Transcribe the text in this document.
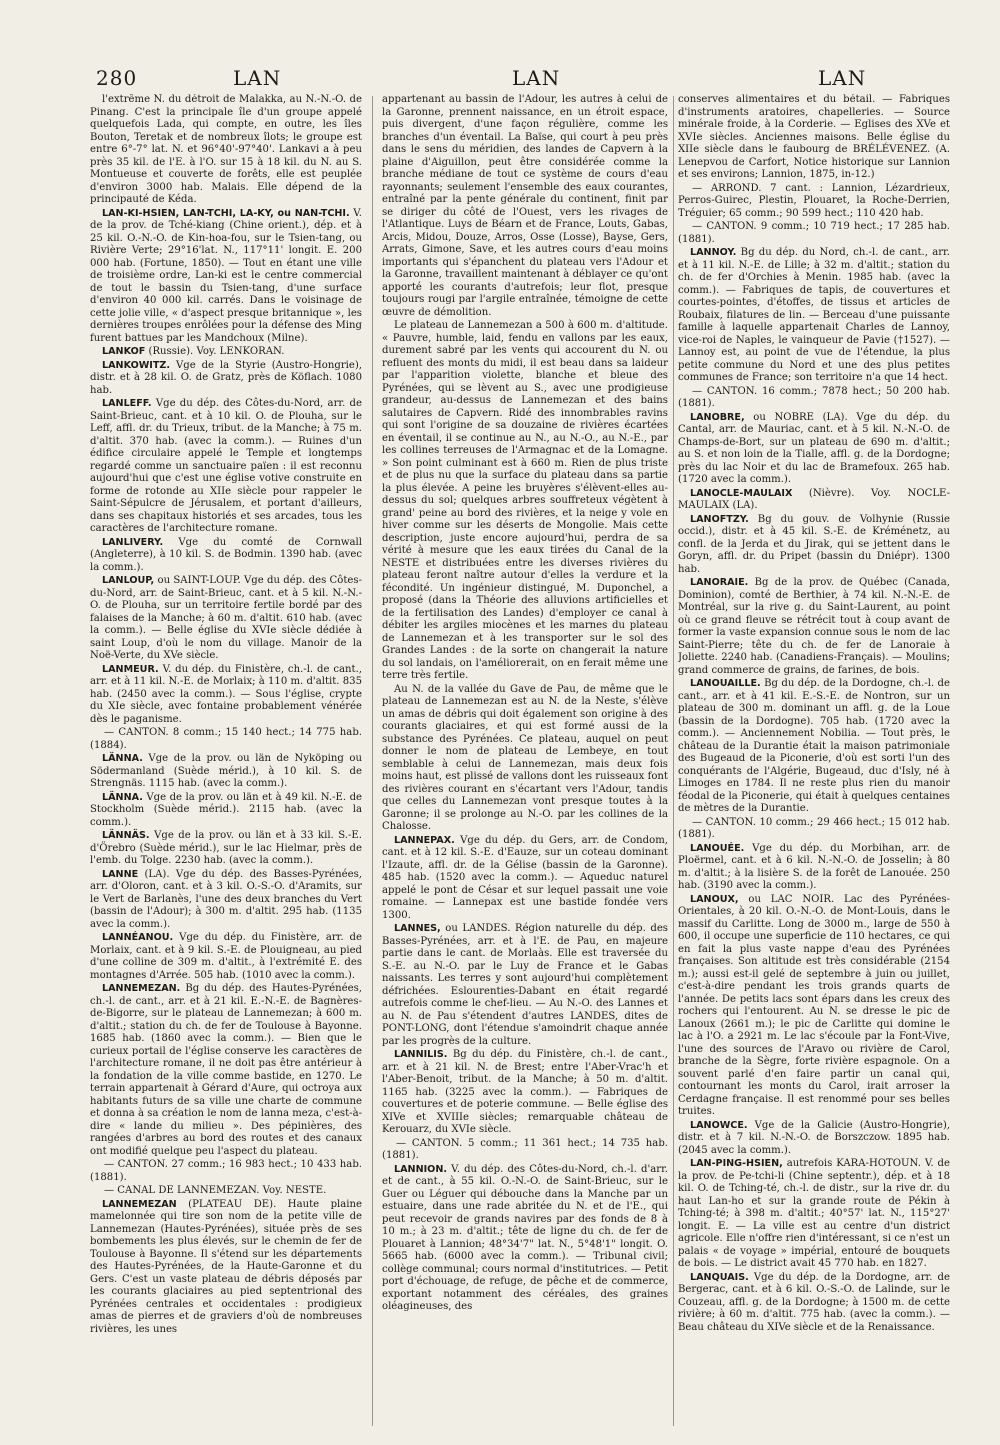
280	LAN	LAN	LAN

l'extrême N. du détroit de Malakka, au N.-N.-O. de Pinang. C'est la principale île d'un groupe appelé quelquefois Lada, qui compte, en outre, les îles Bouton, Teretak et de nombreux îlots; le groupe est entre 6°-7° lat. N. et 96°40'-97°40'. Lankavi a à peu près 35 kil. de l'E. à l'O. sur 15 à 18 kil. du N. au S. Montueuse et couverte de forêts, elle est peuplée d'environ 3000 hab. Malais. Elle dépend de la principauté de Kéda.

LAN-KI-HSIEN, LAN-TCHI, LA-KY, ou NAN-TCHI. V. de la prov. de Tché-kiang (Chine orient.), dép. et à 25 kil. O.-N.-O. de Kin-hoa-fou, sur le Tsien-tang, ou Rivière Verte; 29°16'lat. N., 117°11' longit. E. 200 000 hab. (Fortune, 1850). — Tout en étant une ville de troisième ordre, Lan-ki est le centre commercial de tout le bassin du Tsien-tang, d'une surface d'environ 40 000 kil. carrés. Dans le voisinage de cette jolie ville, « d'aspect presque britannique », les dernières troupes enrôlées pour la défense des Ming furent battues par les Mandchoux (Milne).

LANKOF (Russie). Voy. LENKORAN.

LANKOWITZ. Vge de la Styrie (Austro-Hongrie), distr. et à 28 kil. O. de Gratz, près de Köflach. 1080 hab.

LANLEFF. Vge du dép. des Côtes-du-Nord, arr. de Saint-Brieuc, cant. et à 10 kil. O. de Plouha, sur le Leff, affl. dr. du Trieux, tribut. de la Manche; à 75 m. d'altit. 370 hab. (avec la comm.). — Ruines d'un édifice circulaire appelé le Temple et longtemps regardé comme un sanctuaire païen : il est reconnu aujourd'hui que c'est une église votive construite en forme de rotonde au XIIe siècle pour rappeler le Saint-Sépulcre de Jérusalem, et portant d'ailleurs, dans ses chapitaux historiés et ses arcades, tous les caractères de l'architecture romane.

LANLIVERY. Vge du comté de Cornwall (Angleterre), à 10 kil. S. de Bodmin. 1390 hab. (avec la comm.).

LANLOUP, ou SAINT-LOUP. Vge du dép. des Côtes-du-Nord, arr. de Saint-Brieuc, cant. et à 5 kil. N.-N.-O. de Plouha, sur un territoire fertile bordé par des falaises de la Manche; à 60 m. d'altit. 610 hab. (avec la comm.). — Belle église du XVIe siècle dédiée à saint Loup, d'où le nom du village. Manoir de la Noë-Verte, du XVe siècle.

LANMEUR. V. du dép. du Finistère, ch.-l. de cant., arr. et à 11 kil. N.-E. de Morlaix; à 110 m. d'altit. 835 hab. (2450 avec la comm.). — Sous l'église, crypte du XIe siècle, avec fontaine probablement vénérée dès le paganisme.

— CANTON. 8 comm.; 15 140 hect.; 14 775 hab. (1884).

LÄNNA. Vge de la prov. ou län de Nyköping ou Södermanland (Suède mérid.), à 10 kil. S. de Strengnäs. 1115 hab. (avec la comm.).

LÄNNA. Vge de la prov. ou län et à 49 kil. N.-E. de Stockholm (Suède mérid.). 2115 hab. (avec la comm.).

LÄNNÄS. Vge de la prov. ou län et à 33 kil. S.-E. d'Örebro (Suède mérid.), sur le lac Hielmar, près de l'emb. du Tolge. 2230 hab. (avec la comm.).

LANNE (LA). Vge du dép. des Basses-Pyrénées, arr. d'Oloron, cant. et à 3 kil. O.-S.-O. d'Aramits, sur le Vert de Barlanès, l'une des deux branches du Vert (bassin de l'Adour); à 300 m. d'altit. 295 hab. (1135 avec la comm.).

LANNÉANOU. Vge du dép. du Finistère, arr. de Morlaix, cant. et à 9 kil. S.-E. de Plouigneau, au pied d'une colline de 309 m. d'altit., à l'extrémité E. des montagnes d'Arrée. 505 hab. (1010 avec la comm.).

LANNEMEZAN. Bg du dép. des Hautes-Pyrénées, ch.-l. de cant., arr. et à 21 kil. E.-N.-E. de Bagnères-de-Bigorre, sur le plateau de Lannemezan; à 600 m. d'altit.; station du ch. de fer de Toulouse à Bayonne. 1685 hab. (1860 avec la comm.). — Bien que le curieux portail de l'église conserve les caractères de l'architecture romane, il ne doit pas être antérieur à la fondation de la ville comme bastide, en 1270. Le terrain appartenait à Gérard d'Aure, qui octroya aux habitants futurs de sa ville une charte de commune et donna à sa création le nom de lanna meza, c'est-à-dire « lande du milieu ». Des pépinières, des rangées d'arbres au bord des routes et des canaux ont modifié quelque peu l'aspect du plateau.

— CANTON. 27 comm.; 16 983 hect.; 10 433 hab. (1881).

— CANAL DE LANNEMEZAN. Voy. NESTE.

LANNEMEZAN (PLATEAU DE). Haute plaine mamelonnée qui tire son nom de la petite ville de Lannemezan (Hautes-Pyrénées), située près de ses bombements les plus élevés, sur le chemin de fer de Toulouse à Bayonne. Il s'étend sur les départements des Hautes-Pyrénées, de la Haute-Garonne et du Gers. C'est un vaste plateau de débris déposés par les courants glaciaires au pied septentrional des Pyrénées centrales et occidentales : prodigieux amas de pierres et de graviers d'où de nombreuses rivières, les unes

appartenant au bassin de l'Adour, les autres à celui de la Garonne, prennent naissance, en un étroit espace, puis divergent, d'une façon régulière, comme les branches d'un éventail. La Baïse, qui court à peu près dans le sens du méridien, des landes de Capvern à la plaine d'Aiguillon, peut être considérée comme la branche médiane de tout ce système de cours d'eau rayonnants; seulement l'ensemble des eaux courantes, entraîné par la pente générale du continent, finit par se diriger du côté de l'Ouest, vers les rivages de l'Atlantique. Luys de Béarn et de France, Louts, Gabas, Arcis, Midou, Douze, Arros, Osse (Losse), Bayse, Gers, Arrats, Gimone, Save, et les autres cours d'eau moins importants qui s'épanchent du plateau vers l'Adour et la Garonne, travaillent maintenant à déblayer ce qu'ont apporté les courants d'autrefois; leur flot, presque toujours rougi par l'argile entraînée, témoigne de cette œuvre de démolition.

Le plateau de Lannemezan a 500 à 600 m. d'altitude. « Pauvre, humble, laid, fendu en vallons par les eaux, durement sabré par les vents qui accourent du N. ou refluent des monts du midi, il est beau dans sa laideur par l'apparition violette, blanche et bleue des Pyrénées, qui se lèvent au S., avec une prodigieuse grandeur, au-dessus de Lannemezan et des bains salutaires de Capvern. Ridé des innombrables ravins qui sont l'origine de sa douzaine de rivières écartées en éventail, il se continue au N., au N.-O., au N.-E., par les collines terreuses de l'Armagnac et de la Lomagne. » Son point culminant est à 660 m. Rien de plus triste et de plus nu que la surface du plateau dans sa partie la plus élevée. A peine les bruyères s'élèvent-elles au-dessus du sol; quelques arbres souffreteux végètent à grand' peine au bord des rivières, et la neige y vole en hiver comme sur les déserts de Mongolie. Mais cette description, juste encore aujourd'hui, perdra de sa vérité à mesure que les eaux tirées du Canal de la NESTE et distribuées entre les diverses rivières du plateau feront naître autour d'elles la verdure et la fécondité. Un ingénieur distingué, M. Duponchel, a proposé (dans la Théorie des alluvions artificielles et de la fertilisation des Landes) d'employer ce canal à débiter les argiles miocènes et les marnes du plateau de Lannemezan et à les transporter sur le sol des Grandes Landes : de la sorte on changerait la nature du sol landais, on l'améliorerait, on en ferait même une terre très fertile.

Au N. de la vallée du Gave de Pau, de même que le plateau de Lannemezan est au N. de la Neste, s'élève un amas de débris qui doit également son origine à des courants glaciaires, et qui est formé aussi de la substance des Pyrénées. Ce plateau, auquel on peut donner le nom de plateau de Lembeye, en tout semblable à celui de Lannemezan, mais deux fois moins haut, est plissé de vallons dont les ruisseaux font des rivières courant en s'écartant vers l'Adour, tandis que celles du Lannemezan vont presque toutes à la Garonne; il se prolonge au N.-O. par les collines de la Chalosse.

LANNEPAX. Vge du dép. du Gers, arr. de Condom, cant. et à 12 kil. S.-E. d'Eauze, sur un coteau dominant l'Izaute, affl. dr. de la Gélise (bassin de la Garonne). 485 hab. (1520 avec la comm.). — Aqueduc naturel appelé le pont de César et sur lequel passait une voie romaine. — Lannepax est une bastide fondée vers 1300.

LANNES, ou LANDES. Région naturelle du dép. des Basses-Pyrénées, arr. et à l'E. de Pau, en majeure partie dans le cant. de Morlaàs. Elle est traversée du S.-E. au N.-O. par le Luy de France et le Gabas naissants. Les terres y sont aujourd'hui complètement défrichées. Eslourenties-Dabant en était regardé autrefois comme le chef-lieu. — Au N.-O. des Lannes et au N. de Pau s'étendent d'autres LANDES, dites de PONT-LONG, dont l'étendue s'amoindrit chaque année par les progrès de la culture.

LANNILIS. Bg du dép. du Finistère, ch.-l. de cant., arr. et à 21 kil. N. de Brest; entre l'Aber-Vrac'h et l'Aber-Benoit, tribut. de la Manche; à 50 m. d'altit. 1165 hab. (3225 avec la comm.). — Fabriques de couvertures et de poterie commune. — Belle église des XIVe et XVIIIe siècles; remarquable château de Kerouarz, du XVIe siècle.

— CANTON. 5 comm.; 11 361 hect.; 14 735 hab. (1881).

LANNION. V. du dép. des Côtes-du-Nord, ch.-l. d'arr. et de cant., à 55 kil. O.-N.-O. de Saint-Brieuc, sur le Guer ou Léguer qui débouche dans la Manche par un estuaire, dans une rade abritée du N. et de l'E., qui peut recevoir de grands navires par des fonds de 8 à 10 m.; à 23 m. d'altit.; tête de ligne du ch. de fer de Plouaret à Lannion; 48°34'7" lat. N., 5°48'1" longit. O. 5665 hab. (6000 avec la comm.). — Tribunal civil; collège communal; cours normal d'institutrices. — Petit port d'échouage, de refuge, de pêche et de commerce, exportant notamment des céréales, des graines oléagineuses, des

conserves alimentaires et du bétail. — Fabriques d'instruments aratoires, chapelleries. — Source minérale froide, à la Corderie. — Eglises des XVe et XVIe siècles. Anciennes maisons. Belle église du XIIe siècle dans le faubourg de BRÉLÉVENEZ. (A. Lenepvou de Carfort, Notice historique sur Lannion et ses environs; Lannion, 1875, in-12.)

— ARROND. 7 cant. : Lannion, Lézardrieux, Perros-Guirec, Plestin, Plouaret, la Roche-Derrien, Tréguier; 65 comm.; 90 599 hect.; 110 420 hab.

— CANTON. 9 comm.; 10 719 hect.; 17 285 hab. (1881).

LANNOY. Bg du dép. du Nord, ch.-l. de cant., arr. et à 11 kil. N.-E. de Lille; à 32 m. d'altit.; station du ch. de fer d'Orchies à Menin. 1985 hab. (avec la comm.). — Fabriques de tapis, de couvertures et courtes-pointes, d'étoffes, de tissus et articles de Roubaix, filatures de lin. — Berceau d'une puissante famille à laquelle appartenait Charles de Lannoy, vice-roi de Naples, le vainqueur de Pavie (†1527). — Lannoy est, au point de vue de l'étendue, la plus petite commune du Nord et une des plus petites communes de France; son territoire n'a que 14 hect.

— CANTON. 16 comm.; 7878 hect.; 50 200 hab. (1881).

LANOBRE, ou NOBRE (LA). Vge du dép. du Cantal, arr. de Mauriac, cant. et à 5 kil. N.-N.-O. de Champs-de-Bort, sur un plateau de 690 m. d'altit.; au S. et non loin de la Tialle, affl. g. de la Dordogne; près du lac Noir et du lac de Bramefoux. 265 hab. (1720 avec la comm.).

LANOCLE-MAULAIX (Nièvre). Voy. NOCLE-MAULAIX (LA).

LANOFTZY. Bg du gouv. de Volhynie (Russie occid.), distr. et à 45 kil. S.-E. de Kréménetz, au confl. de la Jerda et du Jirak, qui se jettent dans le Goryn, affl. dr. du Pripet (bassin du Dniépr). 1300 hab.

LANORAIE. Bg de la prov. de Québec (Canada, Dominion), comté de Berthier, à 74 kil. N.-N.-E. de Montréal, sur la rive g. du Saint-Laurent, au point où ce grand fleuve se rétrécit tout à coup avant de former la vaste expansion connue sous le nom de lac Saint-Pierre; tête du ch. de fer de Lanoraie à Joliette. 2240 hab. (Canadiens-Français). — Moulins; grand commerce de grains, de farines, de bois.

LANOUAILLE. Bg du dép. de la Dordogne, ch.-l. de cant., arr. et à 41 kil. E.-S.-E. de Nontron, sur un plateau de 300 m. dominant un affl. g. de la Loue (bassin de la Dordogne). 705 hab. (1720 avec la comm.). — Anciennement Nobilia. — Tout près, le château de la Durantie était la maison patrimoniale des Bugeaud de la Piconerie, d'où est sorti l'un des conquérants de l'Algérie, Bugeaud, duc d'Isly, né à Limoges en 1784. Il ne reste plus rien du manoir féodal de la Piconerie, qui était à quelques centaines de mètres de la Durantie.

— CANTON. 10 comm.; 29 466 hect.; 15 012 hab. (1881).

LANOUÉE. Vge du dép. du Morbihan, arr. de Ploërmel, cant. et à 6 kil. N.-N.-O. de Josselin; à 80 m. d'altit.; à la lisière S. de la forêt de Lanouée. 250 hab. (3190 avec la comm.).

LANOUX, ou LAC NOIR. Lac des Pyrénées-Orientales, à 20 kil. O.-N.-O. de Mont-Louis, dans le massif du Carlitte. Long de 3000 m., large de 550 à 600, il occupe une superficie de 110 hectares, ce qui en fait la plus vaste nappe d'eau des Pyrénées françaises. Son altitude est très considérable (2154 m.); aussi est-il gelé de septembre à juin ou juillet, c'est-à-dire pendant les trois grands quarts de l'année. De petits lacs sont épars dans les creux des rochers qui l'entourent. Au N. se dresse le pic de Lanoux (2661 m.); le pic de Carlitte qui domine le lac à l'O. a 2921 m. Le lac s'écoule par la Font-Vive, l'une des sources de l'Aravo ou rivière de Carol, branche de la Sègre, forte rivière espagnole. On a souvent parlé d'en faire partir un canal qui, contournant les monts du Carol, irait arroser la Cerdagne française. Il est renommé pour ses belles truites.

LANOWCE. Vge de la Galicie (Austro-Hongrie), distr. et à 7 kil. N.-N.-O. de Borszczow. 1895 hab. (2045 avec la comm.).

LAN-PING-HSIEN, autrefois KARA-HOTOUN. V. de la prov. de Pe-tchi-li (Chine septentr.), dép. et à 18 kil. O. de Tching-té, ch.-l. de distr., sur la rive dr. du haut Lan-ho et sur la grande route de Pékin à Tching-té; à 398 m. d'altit.; 40°57' lat. N., 115°27' longit. E. — La ville est au centre d'un district agricole. Elle n'offre rien d'intéressant, si ce n'est un palais « de voyage » impérial, entouré de bouquets de bois. — Le district avait 45 770 hab. en 1827.

LANQUAIS. Vge du dép. de la Dordogne, arr. de Bergerac, cant. et à 6 kil. O.-S.-O. de Lalinde, sur le Couzeau, affl. g. de la Dordogne; à 1500 m. de cette rivière; à 60 m. d'altit. 775 hab. (avec la comm.). — Beau château du XIVe siècle et de la Renaissance.
